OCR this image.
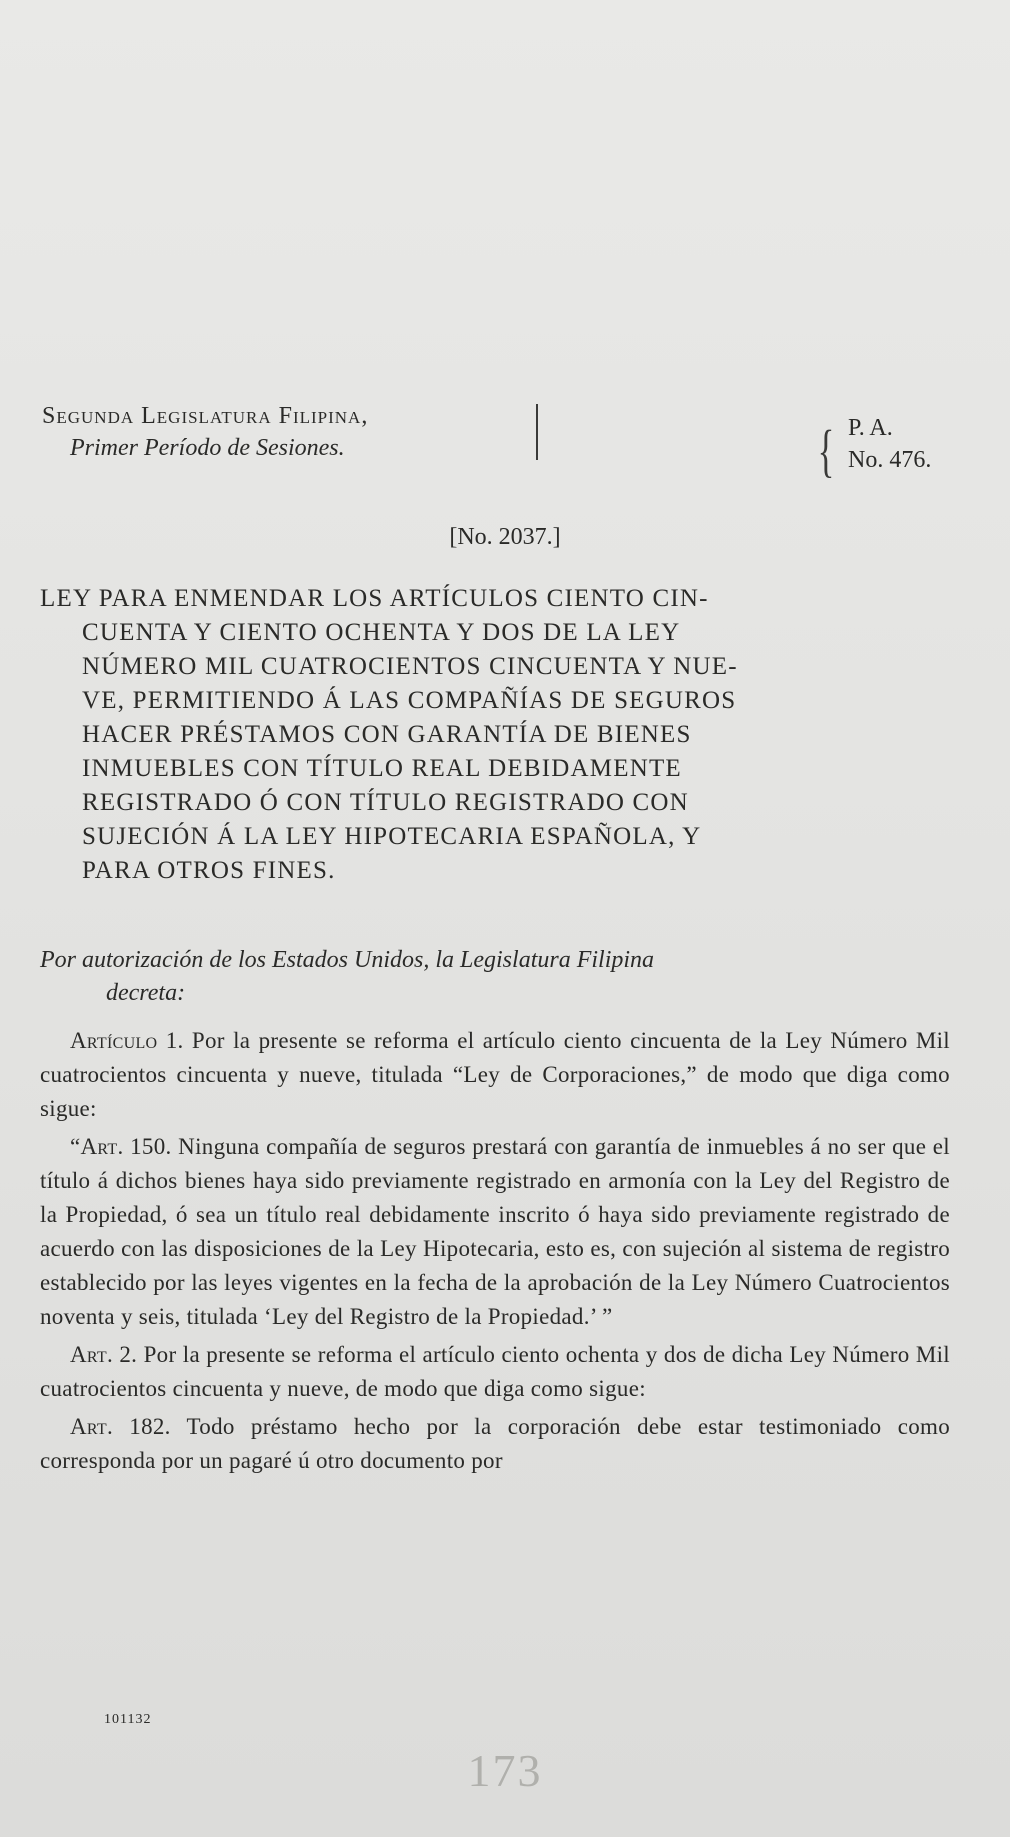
Segunda Legislatura Filipina,
Primer Período de Sesiones.	{ P. A.
No. 476.
[No. 2037.]
LEY PARA ENMENDAR LOS ARTÍCULOS CIENTO CIN-
CUENTA Y CIENTO OCHENTA Y DOS DE LA LEY
NÚMERO MIL CUATROCIENTOS CINCUENTA Y NUE-
VE, PERMITIENDO Á LAS COMPAÑÍAS DE SEGUROS
HACER PRÉSTAMOS CON GARANTÍA DE BIENES
INMUEBLES CON TÍTULO REAL DEBIDAMENTE
REGISTRADO Ó CON TÍTULO REGISTRADO CON
SUJECIÓN Á LA LEY HIPOTECARIA ESPAÑOLA, Y
PARA OTROS FINES.
Por autorización de los Estados Unidos, la Legislatura Filipina
decreta:

Artículo 1. Por la presente se reforma el artículo ciento cincuenta de la Ley Número Mil cuatrocientos cincuenta y nueve, titulada “Ley de Corporaciones,” de modo que diga como sigue:

“Art. 150. Ninguna compañía de seguros prestará con garantía de inmuebles á no ser que el título á dichos bienes haya sido previamente registrado en armonía con la Ley del Registro de la Propiedad, ó sea un título real debidamente inscrito ó haya sido previamente registrado de acuerdo con las disposiciones de la Ley Hipotecaria, esto es, con sujeción al sistema de registro establecido por las leyes vigentes en la fecha de la aprobación de la Ley Número Cuatrocientos noventa y seis, titulada ‘Ley del Registro de la Propiedad.’ ”

Art. 2. Por la presente se reforma el artículo ciento ochenta y dos de dicha Ley Número Mil cuatrocientos cincuenta y nueve, de modo que diga como sigue:

Art. 182. Todo préstamo hecho por la corporación debe estar testimoniado como corresponda por un pagaré ú otro documento por

101132
173
